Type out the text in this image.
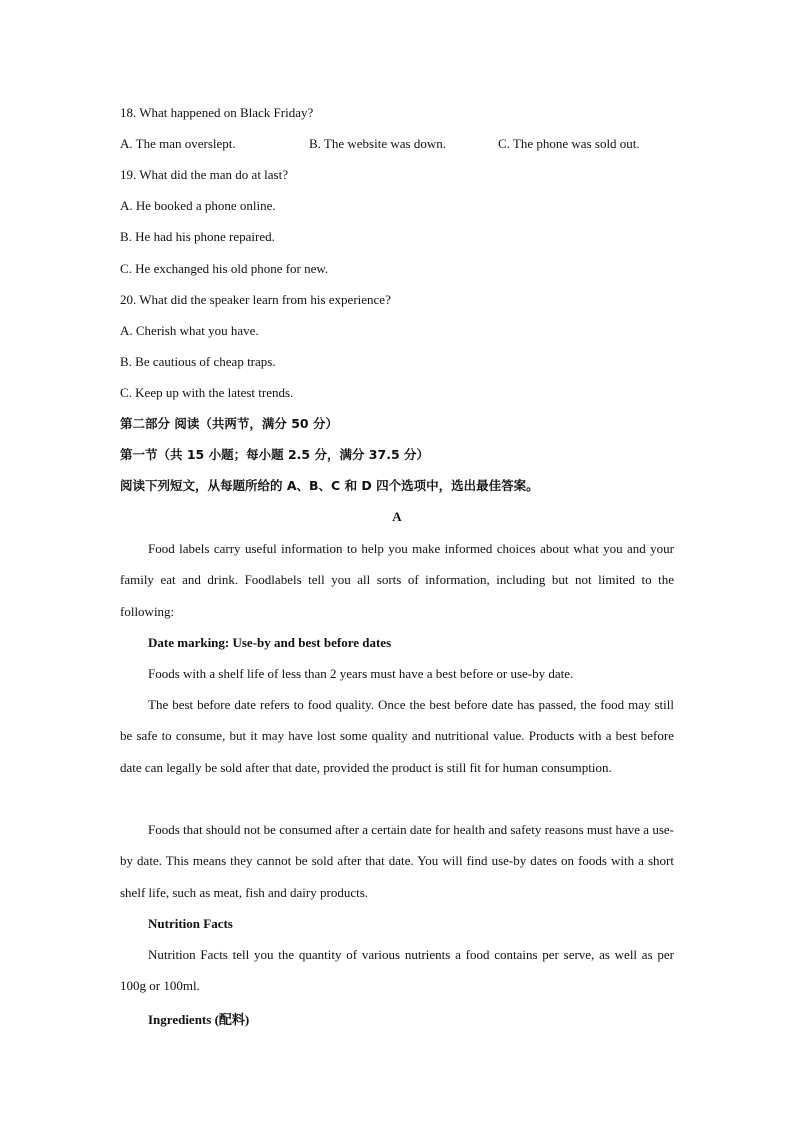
18. What happened on Black Friday?
A. The man overslept.	B. The website was down.	C. The phone was sold out.
19. What did the man do at last?
A. He booked a phone online.
B. He had his phone repaired.
C. He exchanged his old phone for new.
20. What did the speaker learn from his experience?
A. Cherish what you have.
B. Be cautious of cheap traps.
C. Keep up with the latest trends.
第二部分 阅读（共两节，满分 50 分）
第一节（共 15 小题；每小题 2.5 分，满分 37.5 分）
阅读下列短文，从每题所给的 A、B、C 和 D 四个选项中，选出最佳答案。
A
Food labels carry useful information to help you make informed choices about what you and your family eat and drink. Foodlabels tell you all sorts of information, including but not limited to the following:
Date marking: Use-by and best before dates
Foods with a shelf life of less than 2 years must have a best before or use-by date.
The best before date refers to food quality. Once the best before date has passed, the food may still be safe to consume, but it may have lost some quality and nutritional value. Products with a best before date can legally be sold after that date, provided the product is still fit for human consumption.
Foods that should not be consumed after a certain date for health and safety reasons must have a use-by date. This means they cannot be sold after that date. You will find use-by dates on foods with a short shelf life, such as meat, fish and dairy products.
Nutrition Facts
Nutrition Facts tell you the quantity of various nutrients a food contains per serve, as well as per 100g or 100ml.
Ingredients (配料)
